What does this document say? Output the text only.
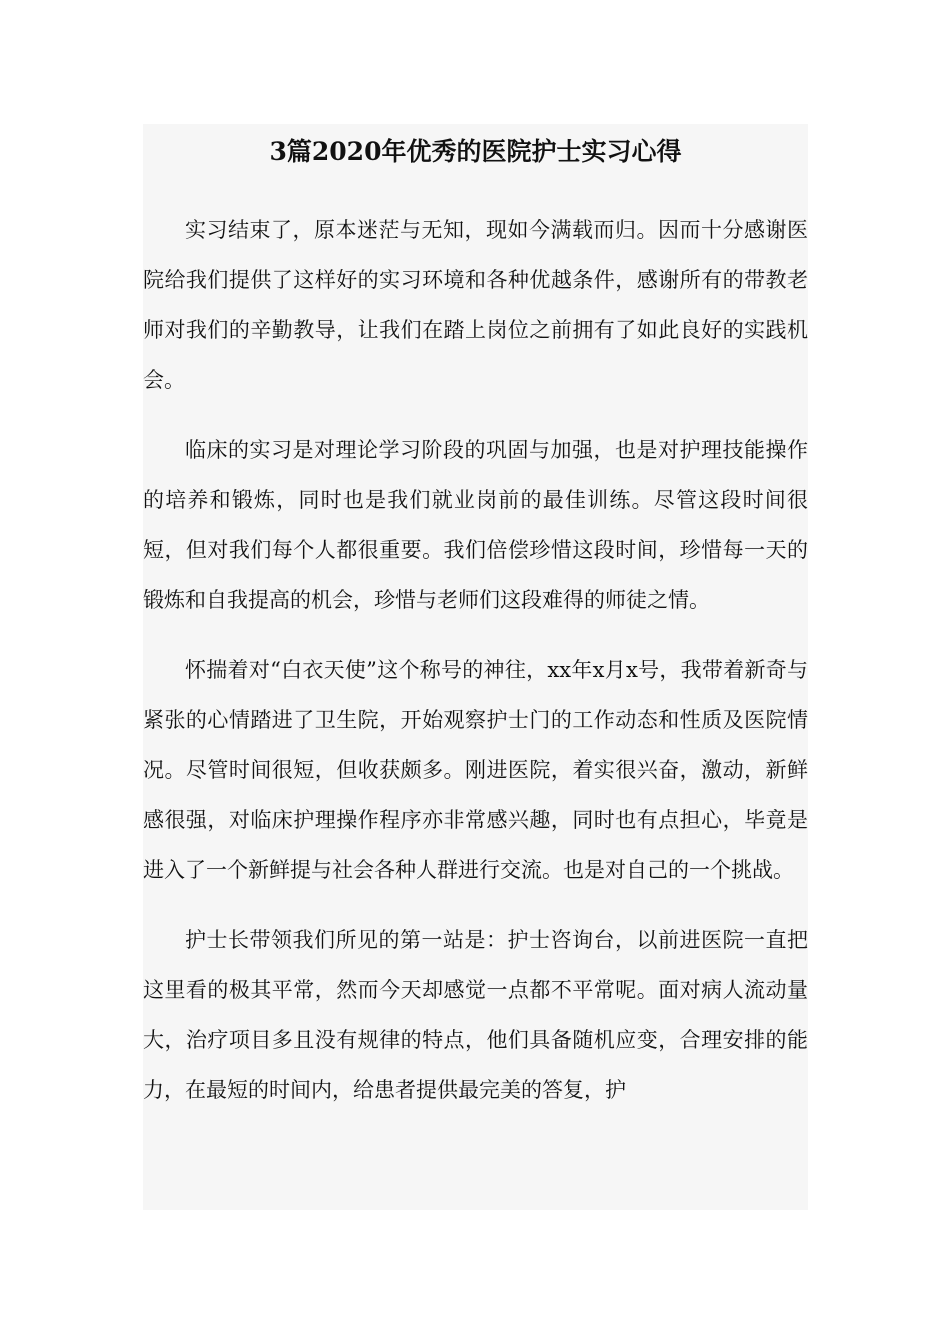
3篇2020年优秀的医院护士实习心得

实习结束了，原本迷茫与无知，现如今满载而归。因而十分感谢医院给我们提供了这样好的实习环境和各种优越条件，感谢所有的带教老师对我们的辛勤教导，让我们在踏上岗位之前拥有了如此良好的实践机会。

临床的实习是对理论学习阶段的巩固与加强，也是对护理技能操作的培养和锻炼，同时也是我们就业岗前的最佳训练。尽管这段时间很短，但对我们每个人都很重要。我们倍偿珍惜这段时间，珍惜每一天的锻炼和自我提高的机会，珍惜与老师们这段难得的师徒之情。

怀揣着对“白衣天使”这个称号的神往，xx年x月x号，我带着新奇与紧张的心情踏进了卫生院，开始观察护士门的工作动态和性质及医院情况。尽管时间很短，但收获颇多。刚进医院，着实很兴奋，激动，新鲜感很强，对临床护理操作程序亦非常感兴趣，同时也有点担心，毕竟是进入了一个新鲜提与社会各种人群进行交流。也是对自己的一个挑战。

护士长带领我们所见的第一站是：护士咨询台，以前进医院一直把这里看的极其平常，然而今天却感觉一点都不平常呢。面对病人流动量大，治疗项目多且没有规律的特点，他们具备随机应变，合理安排的能力，在最短的时间内，给患者提供最完美的答复，护
